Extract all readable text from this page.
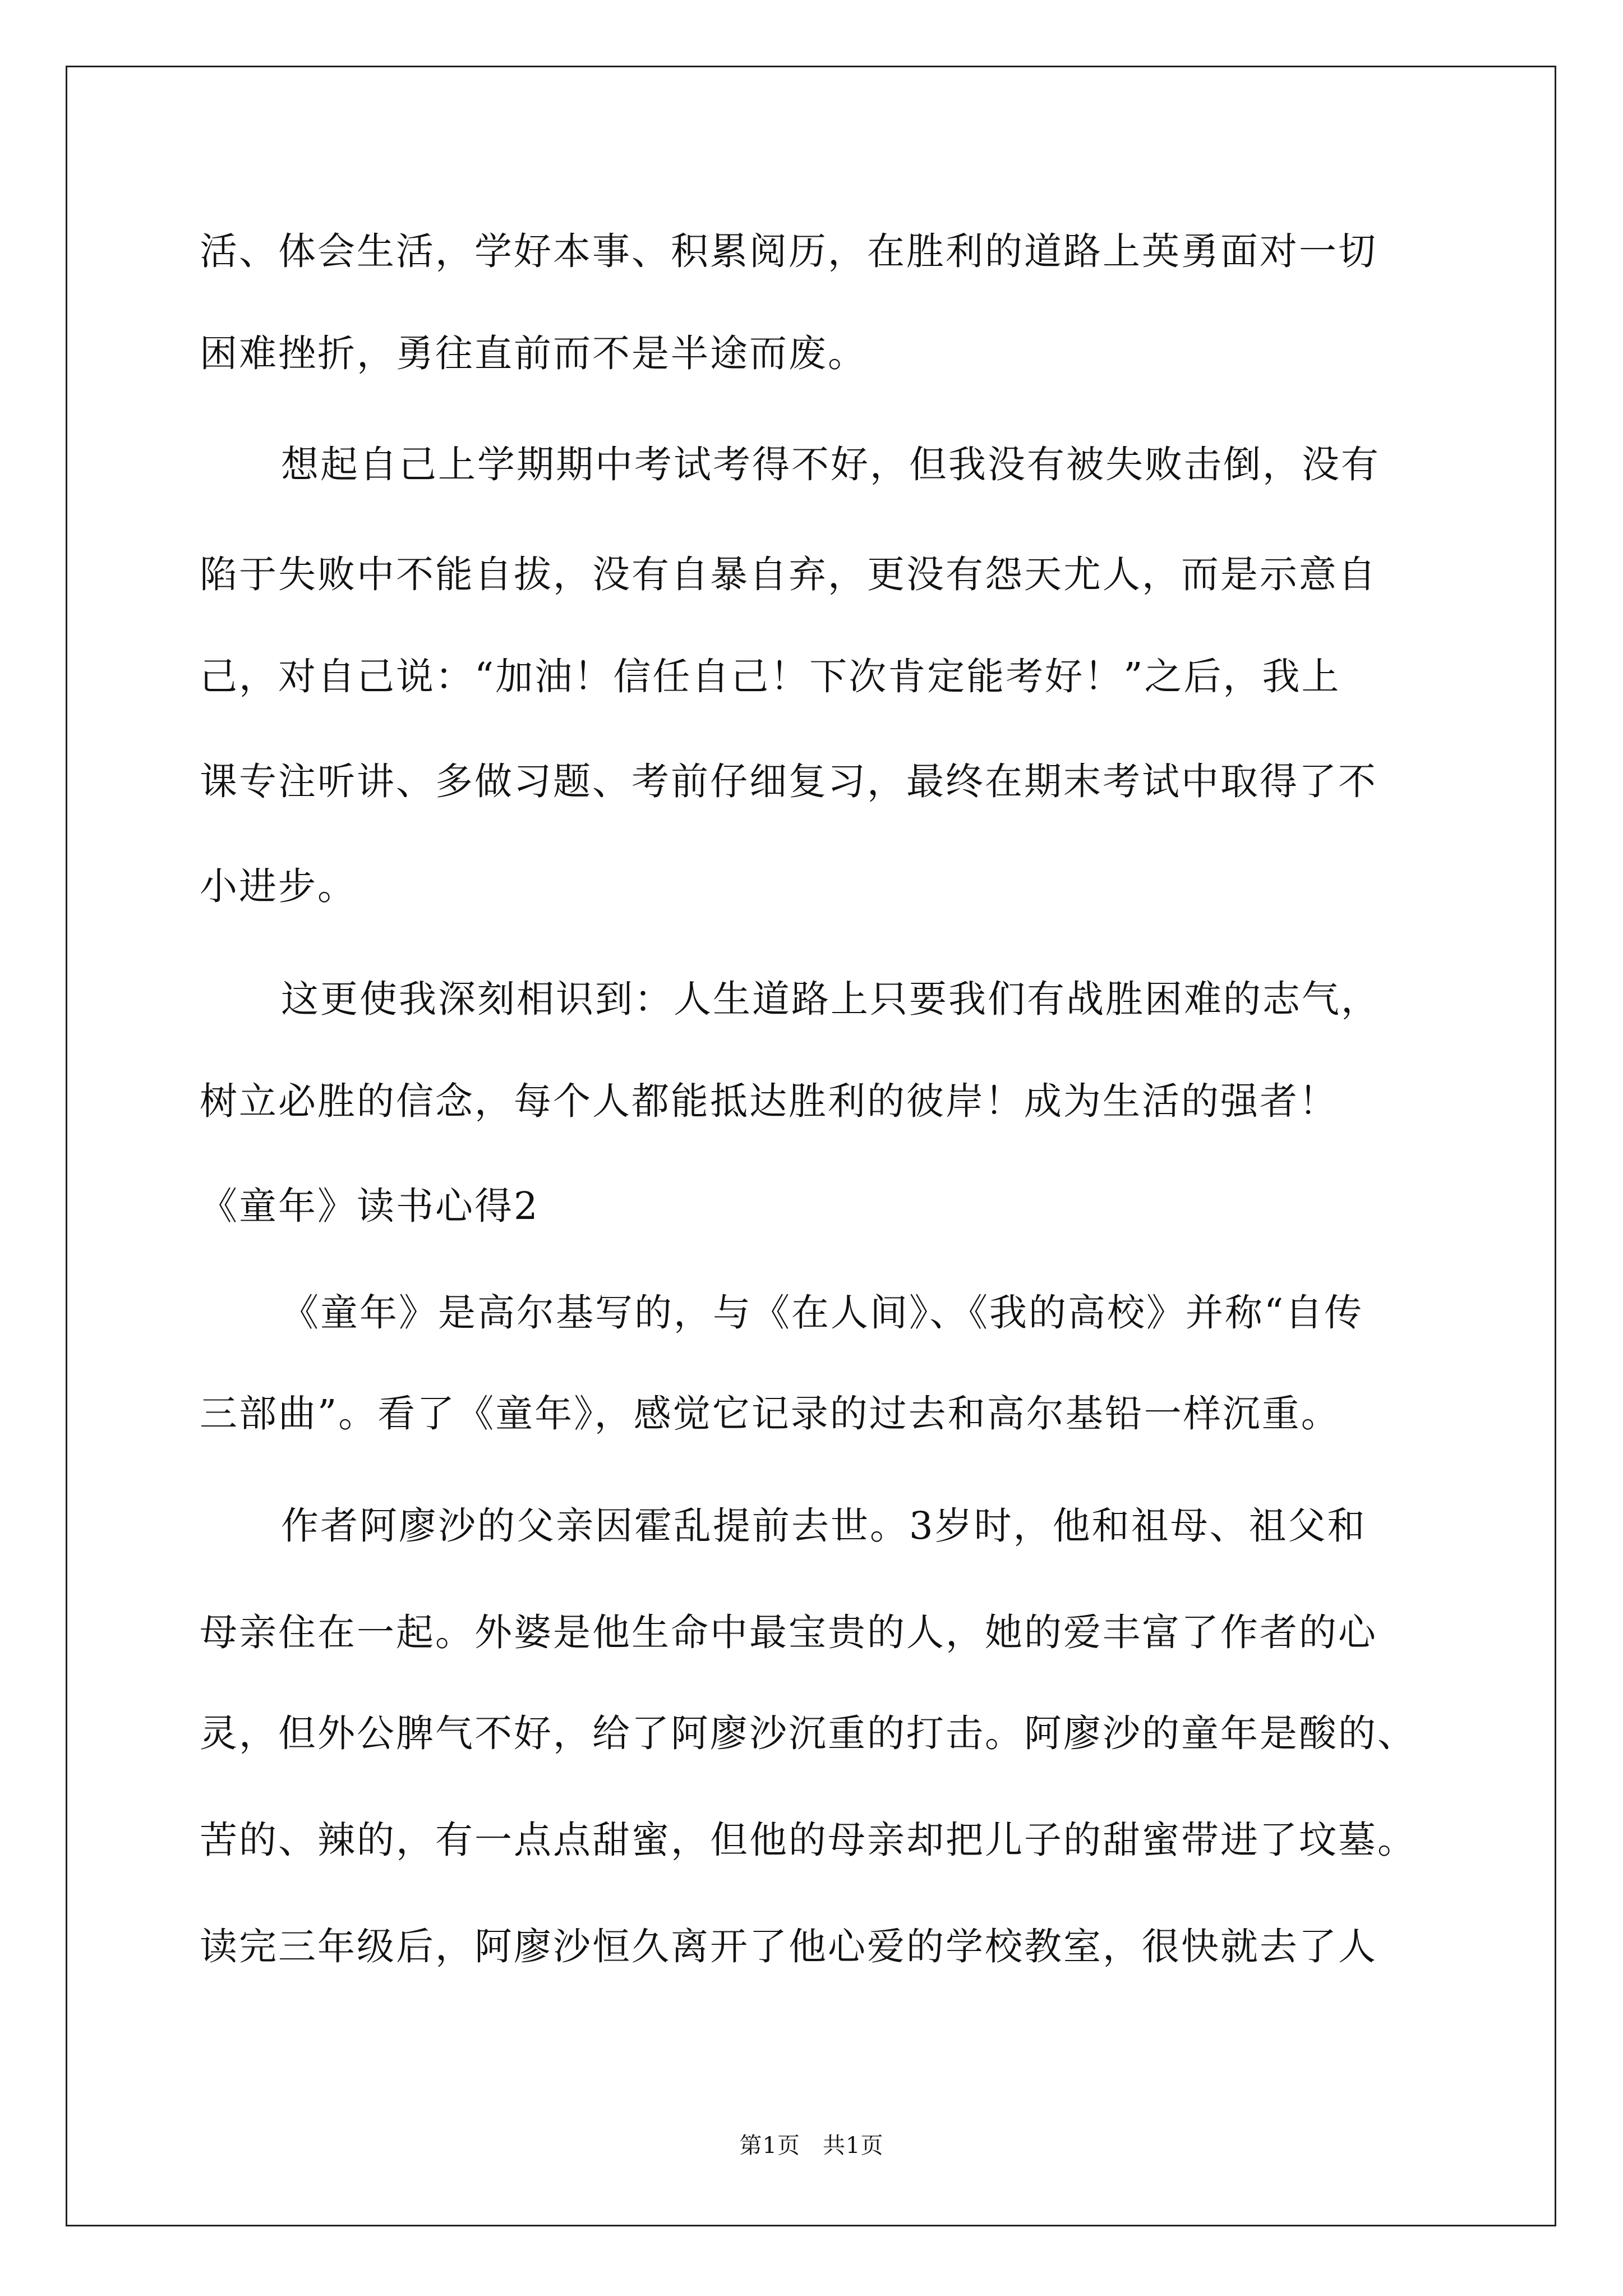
活、体会生活，学好本事、积累阅历，在胜利的道路上英勇面对一切
困难挫折，勇往直前而不是半途而废。
想起自己上学期期中考试考得不好，但我没有被失败击倒，没有
陷于失败中不能自拔，没有自暴自弃，更没有怨天尤人，而是示意自
己，对自己说：“加油！信任自己！下次肯定能考好！”之后，我上
课专注听讲、多做习题、考前仔细复习，最终在期末考试中取得了不
小进步。
这更使我深刻相识到：人生道路上只要我们有战胜困难的志气，
树立必胜的信念，每个人都能抵达胜利的彼岸！成为生活的强者！
《童年》读书心得2
《童年》是高尔基写的，与《在人间》、《我的高校》并称“自传
三部曲”。看了《童年》，感觉它记录的过去和高尔基铅一样沉重。
作者阿廖沙的父亲因霍乱提前去世。3岁时，他和祖母、祖父和
母亲住在一起。外婆是他生命中最宝贵的人，她的爱丰富了作者的心
灵，但外公脾气不好，给了阿廖沙沉重的打击。阿廖沙的童年是酸的、
苦的、辣的，有一点点甜蜜，但他的母亲却把儿子的甜蜜带进了坟墓。
读完三年级后，阿廖沙恒久离开了他心爱的学校教室，很快就去了人
第1页 共1页
